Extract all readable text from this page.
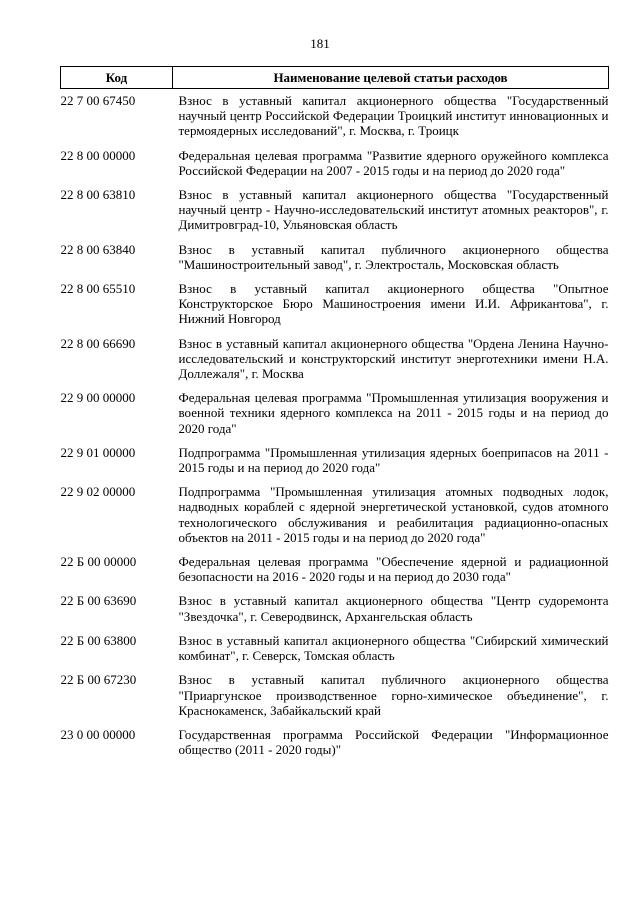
181
Код	Наименование целевой статьи расходов
22 7 00 67450	Взнос в уставный капитал акционерного общества "Государственный научный центр Российской Федерации Троицкий институт инновационных и термоядерных исследований", г. Москва, г. Троицк
22 8 00 00000	Федеральная целевая программа "Развитие ядерного оружейного комплекса Российской Федерации на 2007 - 2015 годы и на период до 2020 года"
22 8 00 63810	Взнос в уставный капитал акционерного общества "Государственный научный центр - Научно-исследовательский институт атомных реакторов", г. Димитровград-10, Ульяновская область
22 8 00 63840	Взнос в уставный капитал публичного акционерного общества "Машиностроительный завод", г. Электросталь, Московская область
22 8 00 65510	Взнос в уставный капитал акционерного общества "Опытное Конструкторское Бюро Машиностроения имени И.И. Африкантова", г. Нижний Новгород
22 8 00 66690	Взнос в уставный капитал акционерного общества "Ордена Ленина Научно-исследовательский и конструкторский институт энерготехники имени Н.А. Доллежаля", г. Москва
22 9 00 00000	Федеральная целевая программа "Промышленная утилизация вооружения и военной техники ядерного комплекса на 2011 - 2015 годы и на период до 2020 года"
22 9 01 00000	Подпрограмма "Промышленная утилизация ядерных боеприпасов на 2011 - 2015 годы и на период до 2020 года"
22 9 02 00000	Подпрограмма "Промышленная утилизация атомных подводных лодок, надводных кораблей с ядерной энергетической установкой, судов атомного технологического обслуживания и реабилитация радиационно-опасных объектов на 2011 - 2015 годы и на период до 2020 года"
22 Б 00 00000	Федеральная целевая программа "Обеспечение ядерной и радиационной безопасности на 2016 - 2020 годы и на период до 2030 года"
22 Б 00 63690	Взнос в уставный капитал акционерного общества "Центр судоремонта "Звездочка", г. Северодвинск, Архангельская область
22 Б 00 63800	Взнос в уставный капитал акционерного общества "Сибирский химический комбинат", г. Северск, Томская область
22 Б 00 67230	Взнос в уставный капитал публичного акционерного общества "Приаргунское производственное горно-химическое объединение", г. Краснокаменск, Забайкальский край
23 0 00 00000	Государственная программа Российской Федерации "Информационное общество (2011 - 2020 годы)"
